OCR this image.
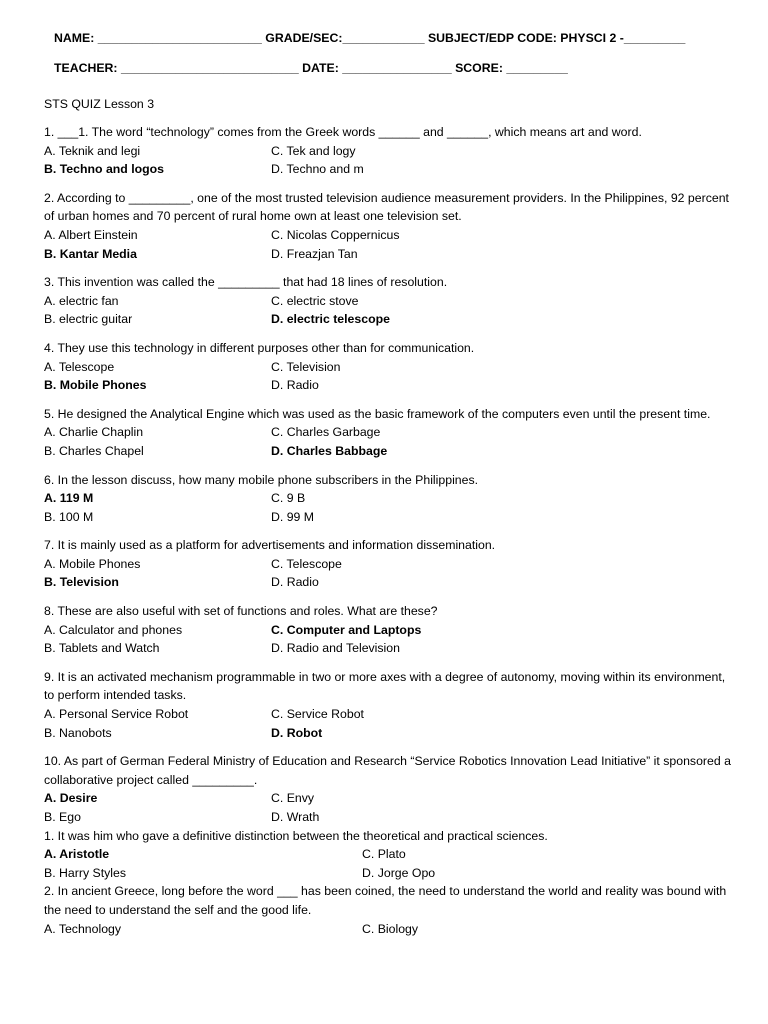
NAME: ________________________ GRADE/SEC:____________ SUBJECT/EDP CODE: PHYSCI 2 -_________
TEACHER: __________________________ DATE: ________________ SCORE: _________
STS QUIZ Lesson 3
1. ___1. The word “technology” comes from the Greek words ______ and ______, which means art and word.
A. Teknik and legi	C. Tek and logy
B. Techno and logos	D. Techno and m
2. According to _________, one of the most trusted television audience measurement providers. In the Philippines, 92 percent of urban homes and 70 percent of rural home own at least one television set.
A. Albert Einstein	C. Nicolas Coppernicus
B. Kantar Media	D. Freazjan Tan
3. This invention was called the _________ that had 18 lines of resolution.
A. electric fan	C. electric stove
B. electric guitar	D. electric telescope
4. They use this technology in different purposes other than for communication.
A. Telescope	C. Television
B. Mobile Phones	D. Radio
5. He designed the Analytical Engine which was used as the basic framework of the computers even until the present time.
A. Charlie Chaplin	C. Charles Garbage
B. Charles Chapel	D. Charles Babbage
6. In the lesson discuss, how many mobile phone subscribers in the Philippines.
A. 119 M	C. 9 B
B. 100 M	D. 99 M
7. It is mainly used as a platform for advertisements and information dissemination.
A. Mobile Phones	C. Telescope
B. Television	D. Radio
8. These are also useful with set of functions and roles. What are these?
A. Calculator and phones	C. Computer and Laptops
B. Tablets and Watch	D. Radio and Television
9. It is an activated mechanism programmable in two or more axes with a degree of autonomy, moving within its environment, to perform intended tasks.
A. Personal Service Robot	C. Service Robot
B. Nanobots	D. Robot
10. As part of German Federal Ministry of Education and Research “Service Robotics Innovation Lead Initiative” it sponsored a collaborative project called _________.
A. Desire	C. Envy
B. Ego	D. Wrath
1. It was him who gave a definitive distinction between the theoretical and practical sciences.
A. Aristotle	C. Plato
B. Harry Styles	D. Jorge Opo
2. In ancient Greece, long before the word ___ has been coined, the need to understand the world and reality was bound with the need to understand the self and the good life.
A. Technology	C. Biology
